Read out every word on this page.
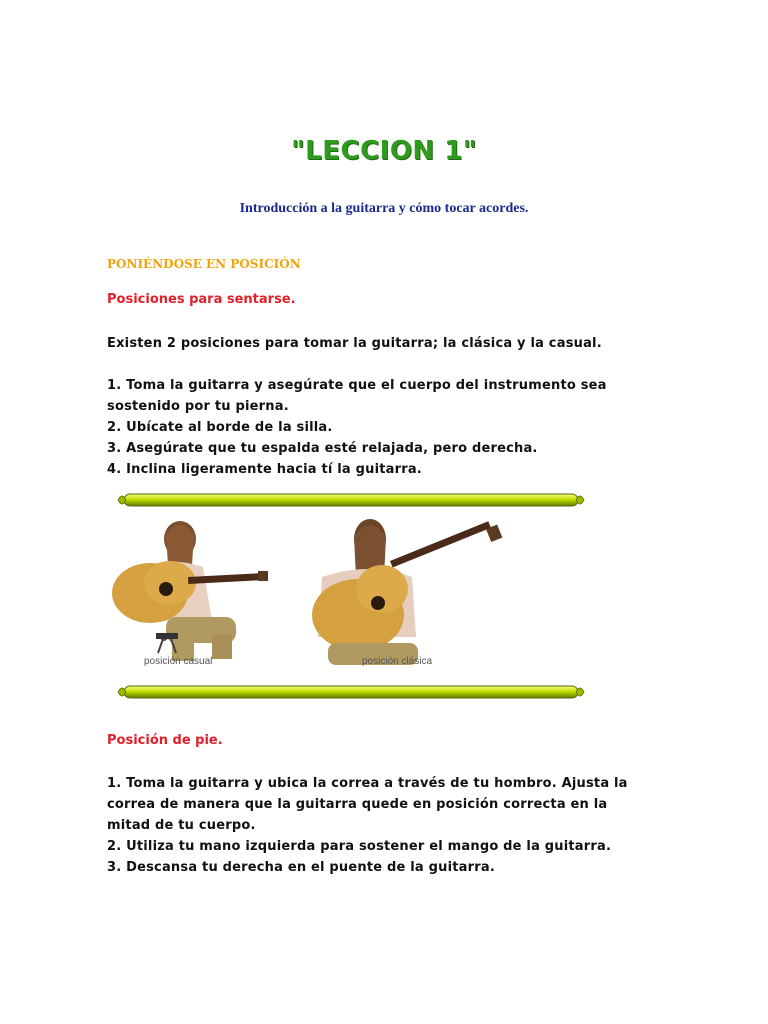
"LECCION 1"
Introducción a la guitarra y cómo tocar acordes.
PONIÉNDOSE EN POSICIÓN
Posiciones para sentarse.

Existen 2 posiciones para tomar la guitarra; la clásica y la casual.

1. Toma la guitarra y asegúrate que el cuerpo del instrumento sea sostenido por tu pierna.

2. Ubícate al borde de la silla.

3. Asegúrate que tu espalda esté relajada, pero derecha.

4. Inclina ligeramente hacia tí la guitarra.

posición casual	posición clásica
Posición de pie.

1. Toma la guitarra y ubica la correa a través de tu hombro. Ajusta la correa de manera que la guitarra quede en posición correcta en la mitad de tu cuerpo.

2. Utiliza tu mano izquierda para sostener el mango de la guitarra.

3. Descansa tu derecha en el puente de la guitarra.
